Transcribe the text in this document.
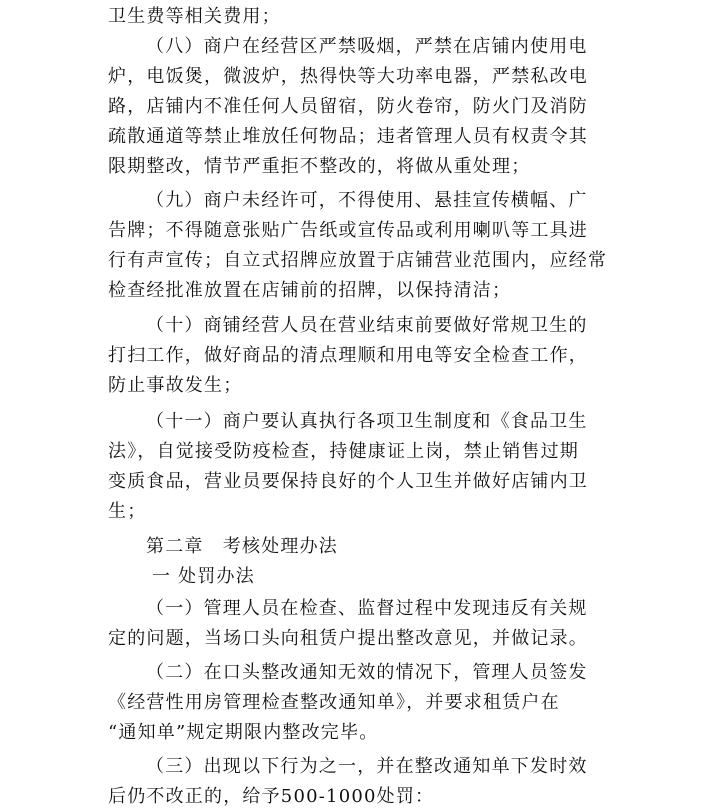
卫生费等相关费用；
（八）商户在经营区严禁吸烟，严禁在店铺内使用电
炉，电饭煲，微波炉，热得快等大功率电器，严禁私改电
路，店铺内不准任何人员留宿，防火卷帘，防火门及消防
疏散通道等禁止堆放任何物品；违者管理人员有权责令其
限期整改，情节严重拒不整改的，将做从重处理；
（九）商户未经许可，不得使用、悬挂宣传横幅、广
告牌；不得随意张贴广告纸或宣传品或利用喇叭等工具进
行有声宣传；自立式招牌应放置于店铺营业范围内，应经常
检查经批准放置在店铺前的招牌，以保持清洁；
（十）商铺经营人员在营业结束前要做好常规卫生的
打扫工作，做好商品的清点理顺和用电等安全检查工作，
防止事故发生；
（十一）商户要认真执行各项卫生制度和《食品卫生
法》，自觉接受防疫检查，持健康证上岗，禁止销售过期
变质食品，营业员要保持良好的个人卫生并做好店铺内卫
生；
第二章　考核处理办法
一 处罚办法
（一）管理人员在检查、监督过程中发现违反有关规
定的问题，当场口头向租赁户提出整改意见，并做记录。
（二）在口头整改通知无效的情况下，管理人员签发
《经营性用房管理检查整改通知单》，并要求租赁户在
“通知单”规定期限内整改完毕。
（三）出现以下行为之一，并在整改通知单下发时效
后仍不改正的，给予500-1000处罚：
